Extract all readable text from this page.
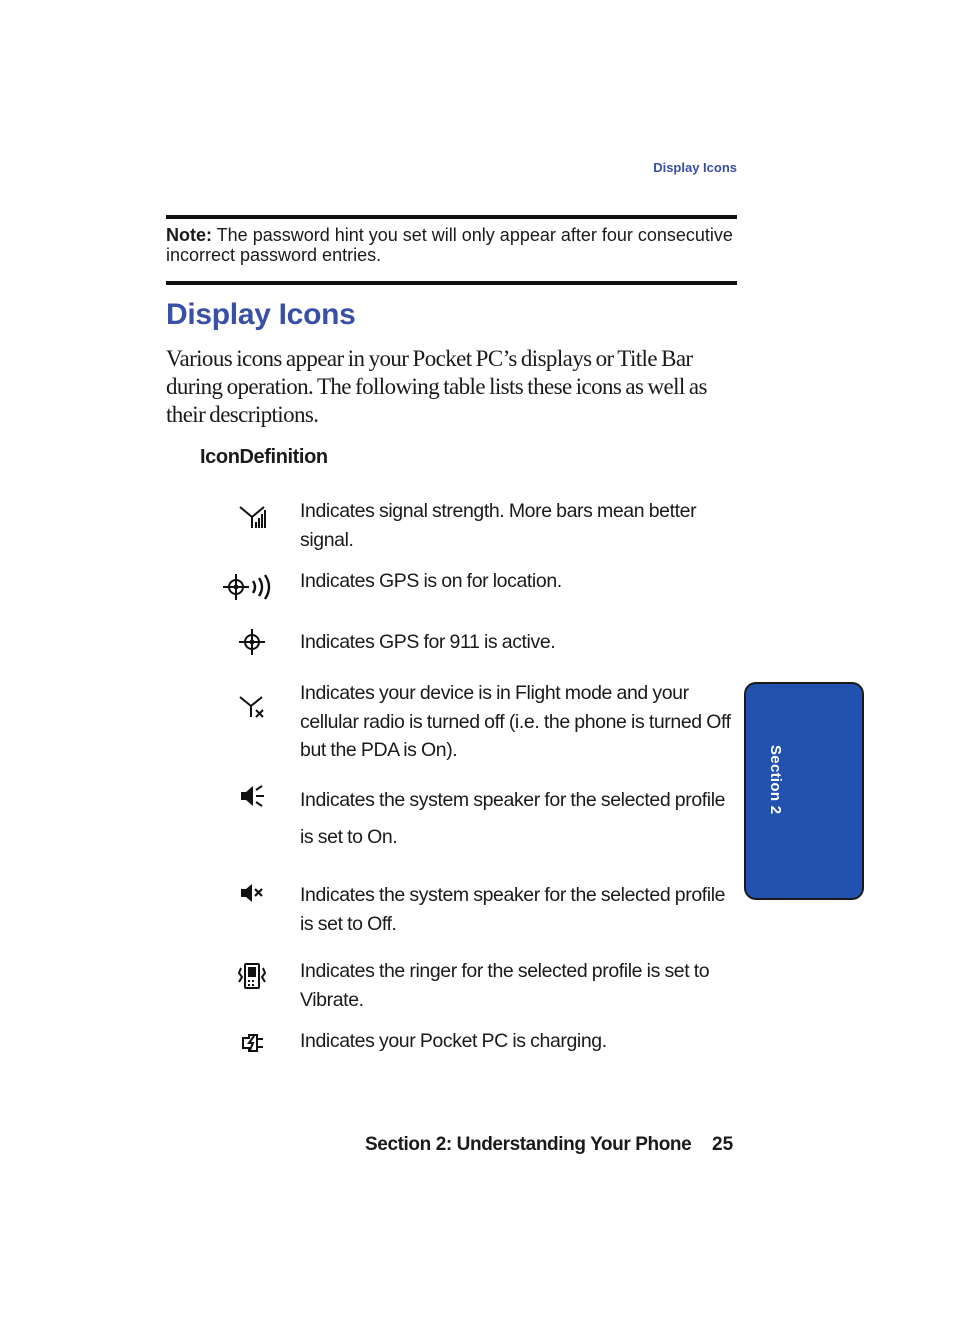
Display Icons
Note: The password hint you set will only appear after four consecutive incorrect password entries.
Display Icons
Various icons appear in your Pocket PC’s displays or Title Bar during operation. The following table lists these icons as well as their descriptions.
IconDefinition
Indicates signal strength. More bars mean better signal.
Indicates GPS is on for location.
Indicates GPS for 911 is active.
Indicates your device is in Flight mode and your cellular radio is turned off (i.e. the phone is turned Off but the PDA is On).
Indicates the system speaker for the selected profile is set to On.
Indicates the system speaker for the selected profile is set to Off.
Indicates the ringer for the selected profile is set to Vibrate.
Indicates your Pocket PC is charging.
Section 2
Section 2: Understanding Your Phone 25
